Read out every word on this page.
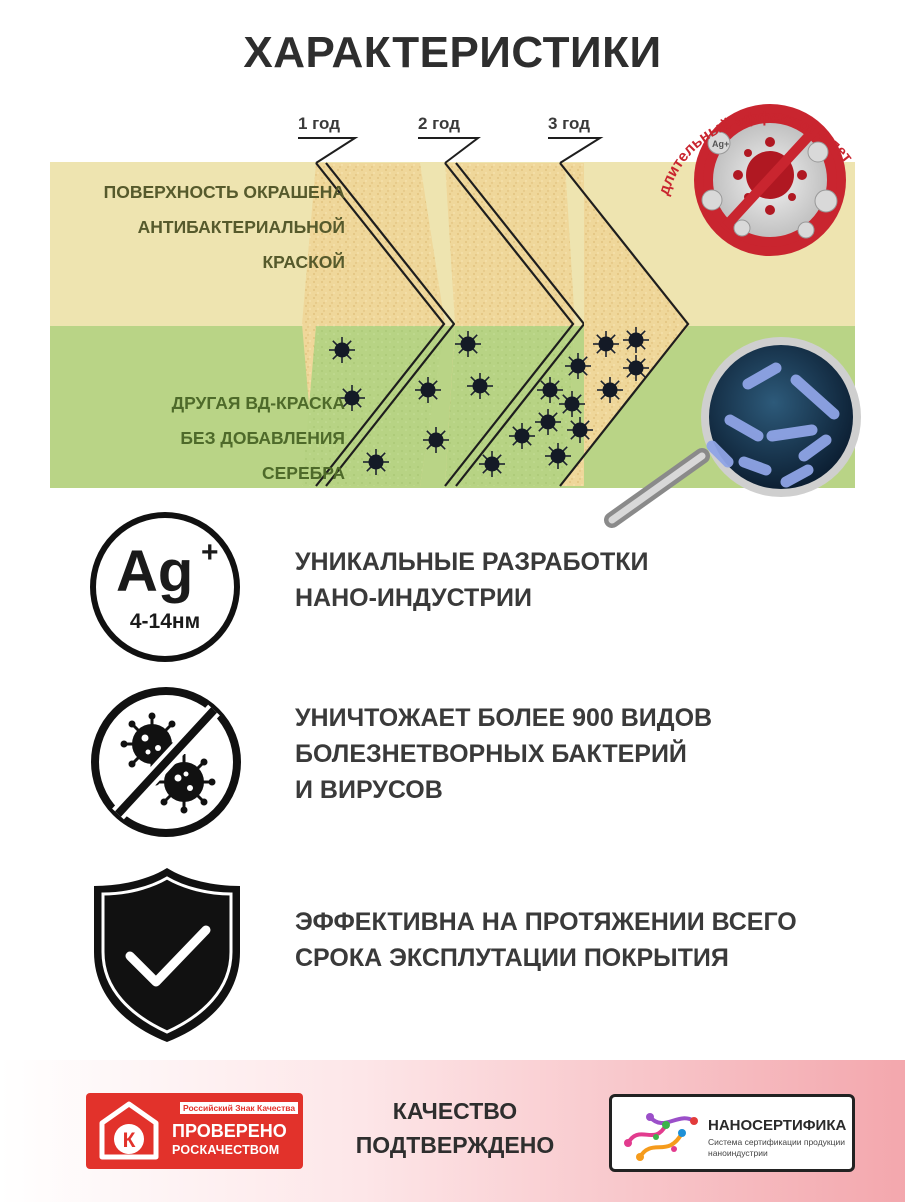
ХАРАКТЕРИСТИКИ
Ag+
длительный эффект от 3 лет
1 год	2 год	3 год
ПОВЕРХНОСТЬ ОКРАШЕНА
АНТИБАКТЕРИАЛЬНОЙ
КРАСКОЙ
ДРУГАЯ ВД-КРАСКА
БЕЗ ДОБАВЛЕНИЯ
СЕРЕБРА
Ag +
4-14нм
УНИКАЛЬНЫЕ РАЗРАБОТКИ
НАНО-ИНДУСТРИИ
УНИЧТОЖАЕТ БОЛЕЕ 900 ВИДОВ
БОЛЕЗНЕТВОРНЫХ БАКТЕРИЙ
И ВИРУСОВ
ЭФФЕКТИВНА НА ПРОТЯЖЕНИИ ВСЕГО
СРОКА ЭКСПЛУТАЦИИ ПОКРЫТИЯ
К
Российский Знак Качества
ПРОВЕРЕНО
РОСКАЧЕСТВОМ
КАЧЕСТВО
ПОДТВЕРЖДЕНО
НАНОСЕРТИФИКА
Система сертификации продукции наноиндустрии
